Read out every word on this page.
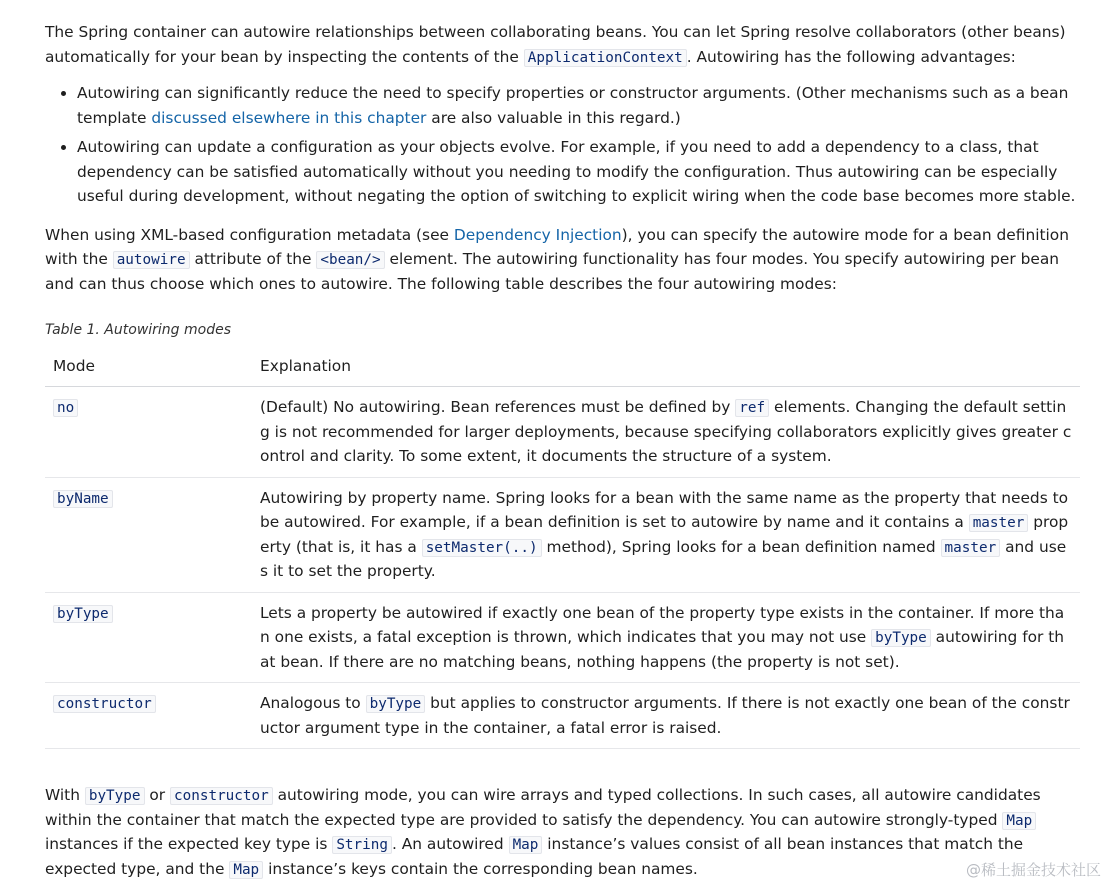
The Spring container can autowire relationships between collaborating beans. You can let Spring resolve collaborators (other beans) automatically for your bean by inspecting the contents of the ApplicationContext . Autowiring has the following advantages:

• Autowiring can significantly reduce the need to specify properties or constructor arguments. (Other mechanisms such as a bean template discussed elsewhere in this chapter are also valuable in this regard.)
• Autowiring can update a configuration as your objects evolve. For example, if you need to add a dependency to a class, that dependency can be satisfied automatically without you needing to modify the configuration. Thus autowiring can be especially useful during development, without negating the option of switching to explicit wiring when the code base becomes more stable.

When using XML-based configuration metadata (see Dependency Injection), you can specify the autowire mode for a bean definition with the autowire attribute of the <bean/> element. The autowiring functionality has four modes. You specify autowiring per bean and can thus choose which ones to autowire. The following table describes the four autowiring modes:

Table 1. Autowiring modes
Mode	Explanation
no	(Default) No autowiring. Bean references must be defined by ref elements. Changing the default setting is not recommended for larger deployments, because specifying collaborators explicitly gives greater control and clarity. To some extent, it documents the structure of a system.
byName	Autowiring by property name. Spring looks for a bean with the same name as the property that needs to be autowired. For example, if a bean definition is set to autowire by name and it contains a master property (that is, it has a setMaster(..) method), Spring looks for a bean definition named master and uses it to set the property.
byType	Lets a property be autowired if exactly one bean of the property type exists in the container. If more than one exists, a fatal exception is thrown, which indicates that you may not use byType autowiring for that bean. If there are no matching beans, nothing happens (the property is not set).
constructor	Analogous to byType but applies to constructor arguments. If there is not exactly one bean of the constructor argument type in the container, a fatal error is raised.

With byType or constructor autowiring mode, you can wire arrays and typed collections. In such cases, all autowire candidates within the container that match the expected type are provided to satisfy the dependency. You can autowire strongly-typed Map instances if the expected key type is String . An autowired Map instance’s values consist of all bean instances that match the expected type, and the Map instance’s keys contain the corresponding bean names.	@稀土掘金技术社区
